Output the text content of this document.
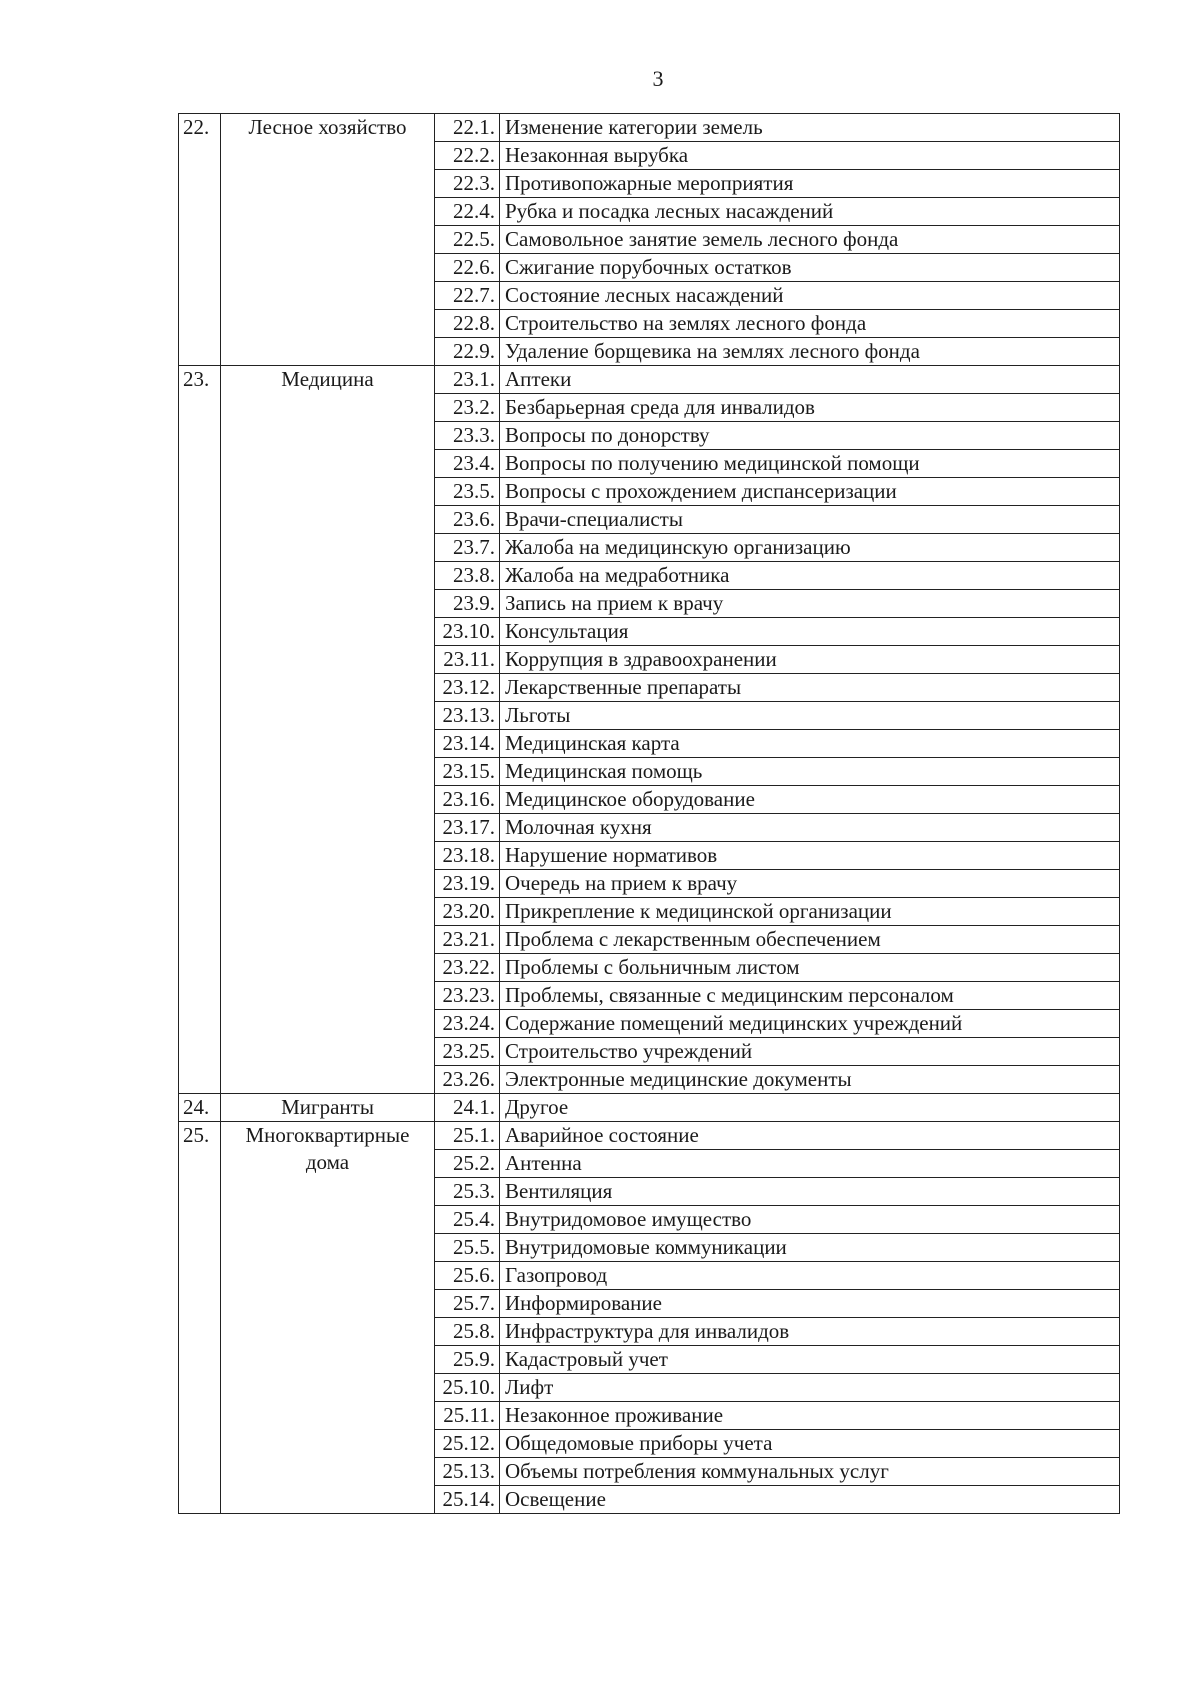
3
22.	Лесное хозяйство	22.1.	Изменение категории земель
		22.2.	Незаконная вырубка
		22.3.	Противопожарные мероприятия
		22.4.	Рубка и посадка лесных насаждений
		22.5.	Самовольное занятие земель лесного фонда
		22.6.	Сжигание порубочных остатков
		22.7.	Состояние лесных насаждений
		22.8.	Строительство на землях лесного фонда
		22.9.	Удаление борщевика на землях лесного фонда
23.	Медицина	23.1.	Аптеки
		23.2.	Безбарьерная среда для инвалидов
		23.3.	Вопросы по донорству
		23.4.	Вопросы по получению медицинской помощи
		23.5.	Вопросы с прохождением диспансеризации
		23.6.	Врачи-специалисты
		23.7.	Жалоба на медицинскую организацию
		23.8.	Жалоба на медработника
		23.9.	Запись на прием к врачу
		23.10.	Консультация
		23.11.	Коррупция в здравоохранении
		23.12.	Лекарственные препараты
		23.13.	Льготы
		23.14.	Медицинская карта
		23.15.	Медицинская помощь
		23.16.	Медицинское оборудование
		23.17.	Молочная кухня
		23.18.	Нарушение нормативов
		23.19.	Очередь на прием к врачу
		23.20.	Прикрепление к медицинской организации
		23.21.	Проблема с лекарственным обеспечением
		23.22.	Проблемы с больничным листом
		23.23.	Проблемы, связанные с медицинским персоналом
		23.24.	Содержание помещений медицинских учреждений
		23.25.	Строительство учреждений
		23.26.	Электронные медицинские документы
24.	Мигранты	24.1.	Другое
25.	Многоквартирные дома	25.1.	Аварийное состояние
		25.2.	Антенна
		25.3.	Вентиляция
		25.4.	Внутридомовое имущество
		25.5.	Внутридомовые коммуникации
		25.6.	Газопровод
		25.7.	Информирование
		25.8.	Инфраструктура для инвалидов
		25.9.	Кадастровый учет
		25.10.	Лифт
		25.11.	Незаконное проживание
		25.12.	Общедомовые приборы учета
		25.13.	Объемы потребления коммунальных услуг
		25.14.	Освещение
